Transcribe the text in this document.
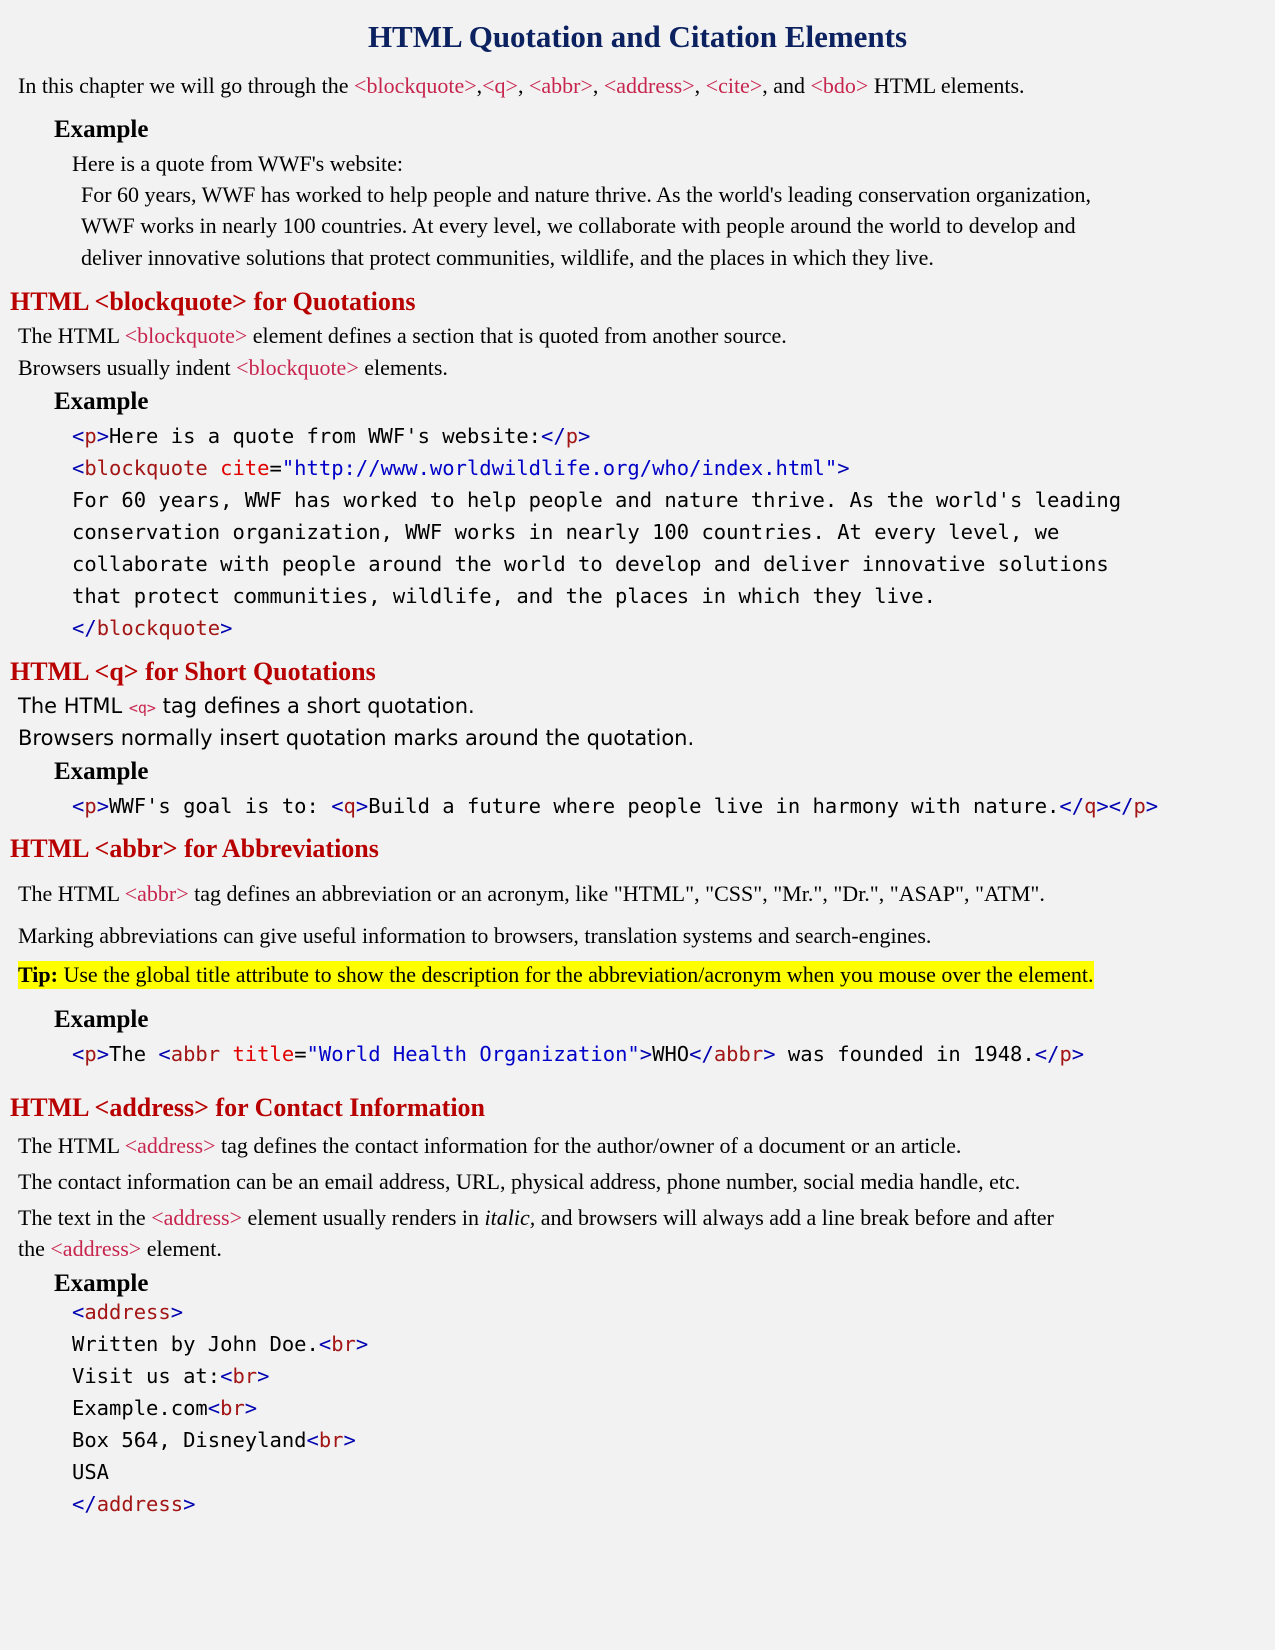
HTML Quotation and Citation Elements
In this chapter we will go through the <blockquote>,<q>, <abbr>, <address>, <cite>, and <bdo> HTML elements.
Example
Here is a quote from WWF's website:
For 60 years, WWF has worked to help people and nature thrive. As the world's leading conservation organization,
WWF works in nearly 100 countries. At every level, we collaborate with people around the world to develop and
deliver innovative solutions that protect communities, wildlife, and the places in which they live.
HTML <blockquote> for Quotations
The HTML <blockquote> element defines a section that is quoted from another source.
Browsers usually indent <blockquote> elements.
Example
<p>Here is a quote from WWF's website:</p>
<blockquote cite="http://www.worldwildlife.org/who/index.html">
For 60 years, WWF has worked to help people and nature thrive. As the world's leading
conservation organization, WWF works in nearly 100 countries. At every level, we
collaborate with people around the world to develop and deliver innovative solutions
that protect communities, wildlife, and the places in which they live.
</blockquote>
HTML <q> for Short Quotations
The HTML <q> tag defines a short quotation.
Browsers normally insert quotation marks around the quotation.
Example
<p>WWF's goal is to: <q>Build a future where people live in harmony with nature.</q></p>
HTML <abbr> for Abbreviations
The HTML <abbr> tag defines an abbreviation or an acronym, like "HTML", "CSS", "Mr.", "Dr.", "ASAP", "ATM".
Marking abbreviations can give useful information to browsers, translation systems and search-engines.
Tip: Use the global title attribute to show the description for the abbreviation/acronym when you mouse over the element.
Example
<p>The <abbr title="World Health Organization">WHO</abbr> was founded in 1948.</p>
HTML <address> for Contact Information
The HTML <address> tag defines the contact information for the author/owner of a document or an article.
The contact information can be an email address, URL, physical address, phone number, social media handle, etc.
The text in the <address> element usually renders in italic, and browsers will always add a line break before and after
the <address> element.
Example
<address>
Written by John Doe.<br>
Visit us at:<br>
Example.com<br>
Box 564, Disneyland<br>
USA
</address>
